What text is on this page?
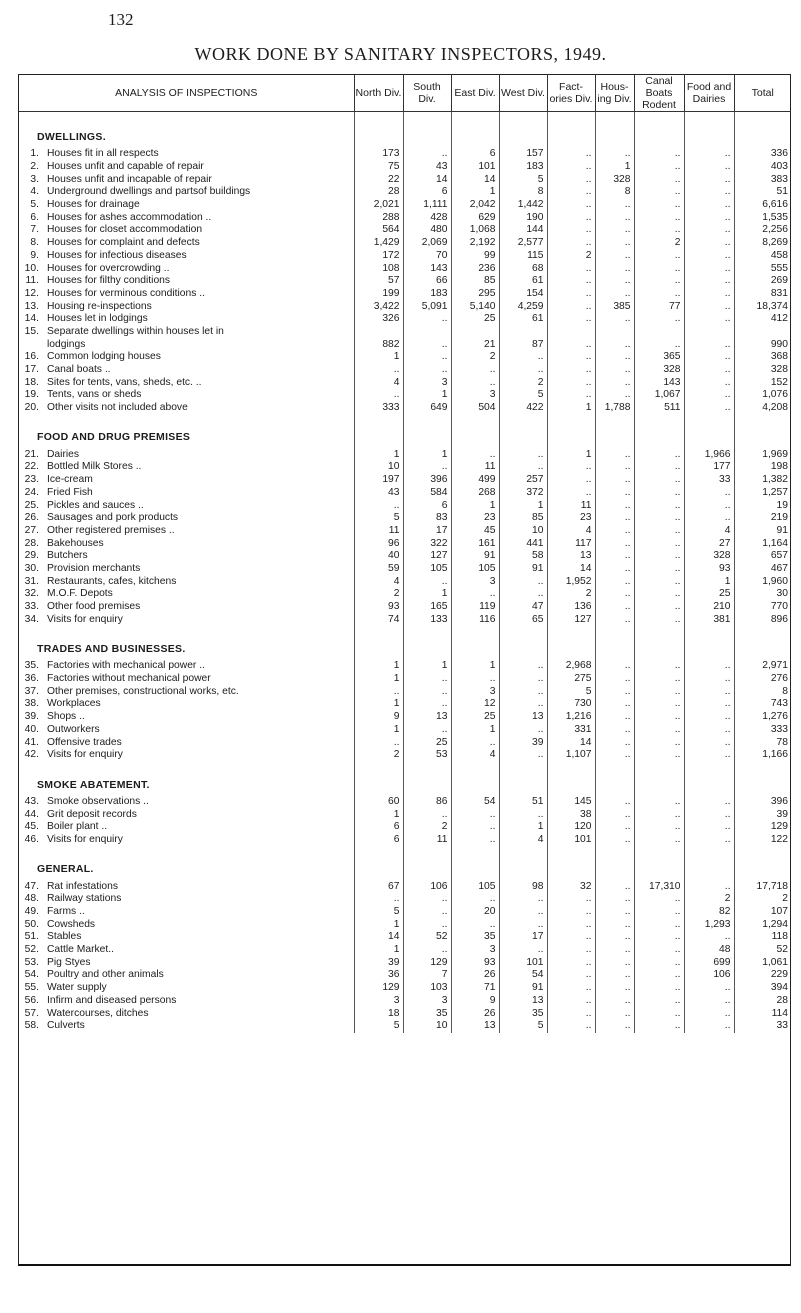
132
WORK DONE BY SANITARY INSPECTORS, 1949.
ANALYSIS OF INSPECTIONS	North Div.	South Div.	East Div.	West Div.	Fact- ories Div.	Hous- ing Div.	Canal Boats Rodent	Food and Dairies	Total
DWELLINGS.									

1. Houses fit in all respects	173	..	6	157	..	..	..	..	336

2. Houses unfit and capable of repair	75	43	101	183	..	1	..	..	403

3. Houses unfit and incapable of repair	22	14	14	5	..	328	..	..	383

4. Underground dwellings and partsof buildings	28	6	1	8	..	8	..	..	51

5. Houses for drainage	2,021	1,111	2,042	1,442	..	..	..	..	6,616

6. Houses for ashes accommodation ..	288	428	629	190	..	..	..	..	1,535

7. Houses for closet accommodation	564	480	1,068	144	..	..	..	..	2,256

8. Houses for complaint and defects	1,429	2,069	2,192	2,577	..	..	2	..	8,269

9. Houses for infectious diseases	172	70	99	115	2	..	..	..	458

10. Houses for overcrowding ..	108	143	236	68	..	..	..	..	555

11. Houses for filthy conditions	57	66	85	61	..	..	..	..	269

12. Houses for verminous conditions ..	199	183	295	154	..	..	..	..	831

13. Housing re-inspections	3,422	5,091	5,140	4,259	..	385	77	..	18,374

14. Houses let in lodgings	326	..	25	61	..	..	..	..	412

15. Separate dwellings within houses let in									

lodgings	882	..	21	87	..	..	..	..	990

16. Common lodging houses	1	..	2	..	..	..	365	..	368

17. Canal boats ..	..	..	..	..	..	..	328	..	328

18. Sites for tents, vans, sheds, etc. ..	4	3	..	2	..	..	143	..	152

19. Tents, vans or sheds	..	1	3	5	..	..	1,067	..	1,076

20. Other visits not included above	333	649	504	422	1	1,788	511	..	4,208
FOOD AND DRUG PREMISES									

21. Dairies	1	1	..	..	1	..	..	1,966	1,969

22. Bottled Milk Stores ..	10	..	11	..	..	..	..	177	198

23. Ice-cream	197	396	499	257	..	..	..	33	1,382

24. Fried Fish	43	584	268	372	..	..	..	..	1,257

25. Pickles and sauces ..	..	6	1	1	11	..	..	..	19

26. Sausages and pork products	5	83	23	85	23	..	..	..	219

27. Other registered premises ..	11	17	45	10	4	..	..	4	91

28. Bakehouses	96	322	161	441	117	..	..	27	1,164

29. Butchers	40	127	91	58	13	..	..	328	657

30. Provision merchants	59	105	105	91	14	..	..	93	467

31. Restaurants, cafes, kitchens	4	..	3	..	1,952	..	..	1	1,960

32. M.O.F. Depots	2	1	..	..	2	..	..	25	30

33. Other food premises	93	165	119	47	136	..	..	210	770

34. Visits for enquiry	74	133	116	65	127	..	..	381	896
TRADES AND BUSINESSES.									

35. Factories with mechanical power ..	1	1	1	..	2,968	..	..	..	2,971

36. Factories without mechanical power	1	..	..	..	275	..	..	..	276

37. Other premises, constructional works, etc.	..	..	3	..	5	..	..	..	8

38. Workplaces	1	..	12	..	730	..	..	..	743

39. Shops ..	9	13	25	13	1,216	..	..	..	1,276

40. Outworkers	1	..	1	..	331	..	..	..	333

41. Offensive trades	..	25	..	39	14	..	..	..	78

42. Visits for enquiry	2	53	4	..	1,107	..	..	..	1,166
SMOKE ABATEMENT.									

43. Smoke observations ..	60	86	54	51	145	..	..	..	396

44. Grit deposit records	1	..	..	..	38	..	..	..	39

45. Boiler plant ..	6	2	..	1	120	..	..	..	129

46. Visits for enquiry	6	11	..	4	101	..	..	..	122
GENERAL.									

47. Rat infestations	67	106	105	98	32	..	17,310	..	17,718

48. Railway stations	..	..	..	..	..	..	..	2	2

49. Farms ..	5	..	20	..	..	..	..	82	107

50. Cowsheds	1	..	..	..	..	..	..	1,293	1,294

51. Stables	14	52	35	17	..	..	..	..	118

52. Cattle Market..	1	..	3	..	..	..	..	48	52

53. Pig Styes	39	129	93	101	..	..	..	699	1,061

54. Poultry and other animals	36	7	26	54	..	..	..	106	229

55. Water supply	129	103	71	91	..	..	..	..	394

56. Infirm and diseased persons	3	3	9	13	..	..	..	..	28

57. Watercourses, ditches	18	35	26	35	..	..	..	..	114

58. Culverts	5	10	13	5	..	..	..	..	33
